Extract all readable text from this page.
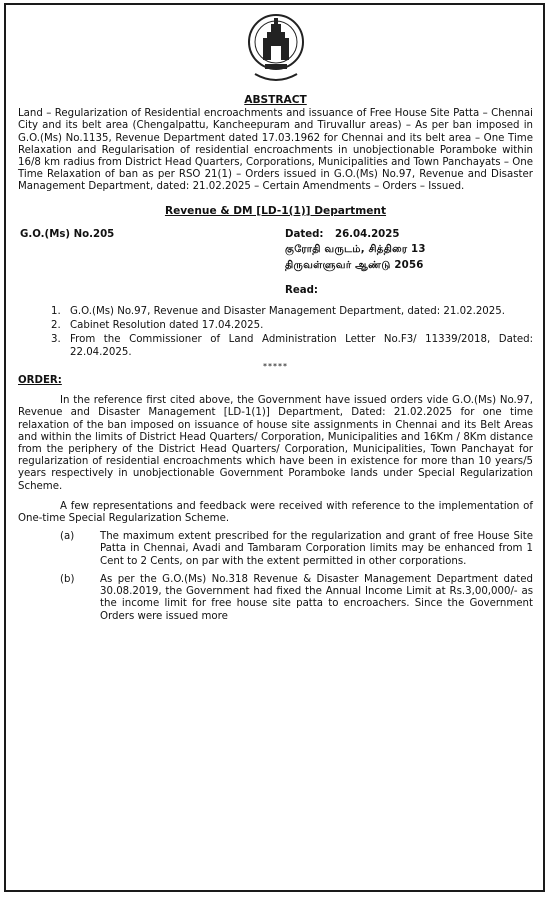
ABSTRACT
Land – Regularization of Residential encroachments and issuance of Free House Site Patta – Chennai City and its belt area (Chengalpattu, Kancheepuram and Tiruvallur areas) – As per ban imposed in G.O.(Ms) No.1135, Revenue Department dated 17.03.1962 for Chennai and its belt area – One Time Relaxation and Regularisation of residential encroachments in unobjectionable Poramboke within 16/8 km radius from District Head Quarters, Corporations, Municipalities and Town Panchayats – One Time Relaxation of ban as per RSO 21(1) – Orders issued in G.O.(Ms) No.97, Revenue and Disaster Management Department, dated: 21.02.2025 – Certain Amendments – Orders – Issued.
Revenue & DM [LD-1(1)] Department
G.O.(Ms) No.205	Dated: 26.04.2025
குரோதி வருடம், சித்திரை 13
திருவள்ளுவர் ஆண்டு 2056
Read:
1. G.O.(Ms) No.97, Revenue and Disaster Management Department, dated: 21.02.2025.
2. Cabinet Resolution dated 17.04.2025.
3. From the Commissioner of Land Administration Letter No.F3/ 11339/2018, Dated: 22.04.2025.
*****
ORDER:
In the reference first cited above, the Government have issued orders vide G.O.(Ms) No.97, Revenue and Disaster Management [LD-1(1)] Department, Dated: 21.02.2025 for one time relaxation of the ban imposed on issuance of house site assignments in Chennai and its Belt Areas and within the limits of District Head Quarters/ Corporation, Municipalities and 16Km / 8Km distance from the periphery of the District Head Quarters/ Corporation, Municipalities, Town Panchayat for regularization of residential encroachments which have been in existence for more than 10 years/5 years respectively in unobjectionable Government Poramboke lands under Special Regularization Scheme.
A few representations and feedback were received with reference to the implementation of One-time Special Regularization Scheme.
(a)	The maximum extent prescribed for the regularization and grant of free House Site Patta in Chennai, Avadi and Tambaram Corporation limits may be enhanced from 1 Cent to 2 Cents, on par with the extent permitted in other corporations.
(b)	As per the G.O.(Ms) No.318 Revenue & Disaster Management Department dated 30.08.2019, the Government had fixed the Annual Income Limit at Rs.3,00,000/- as the income limit for free house site patta to encroachers. Since the Government Orders were issued more
